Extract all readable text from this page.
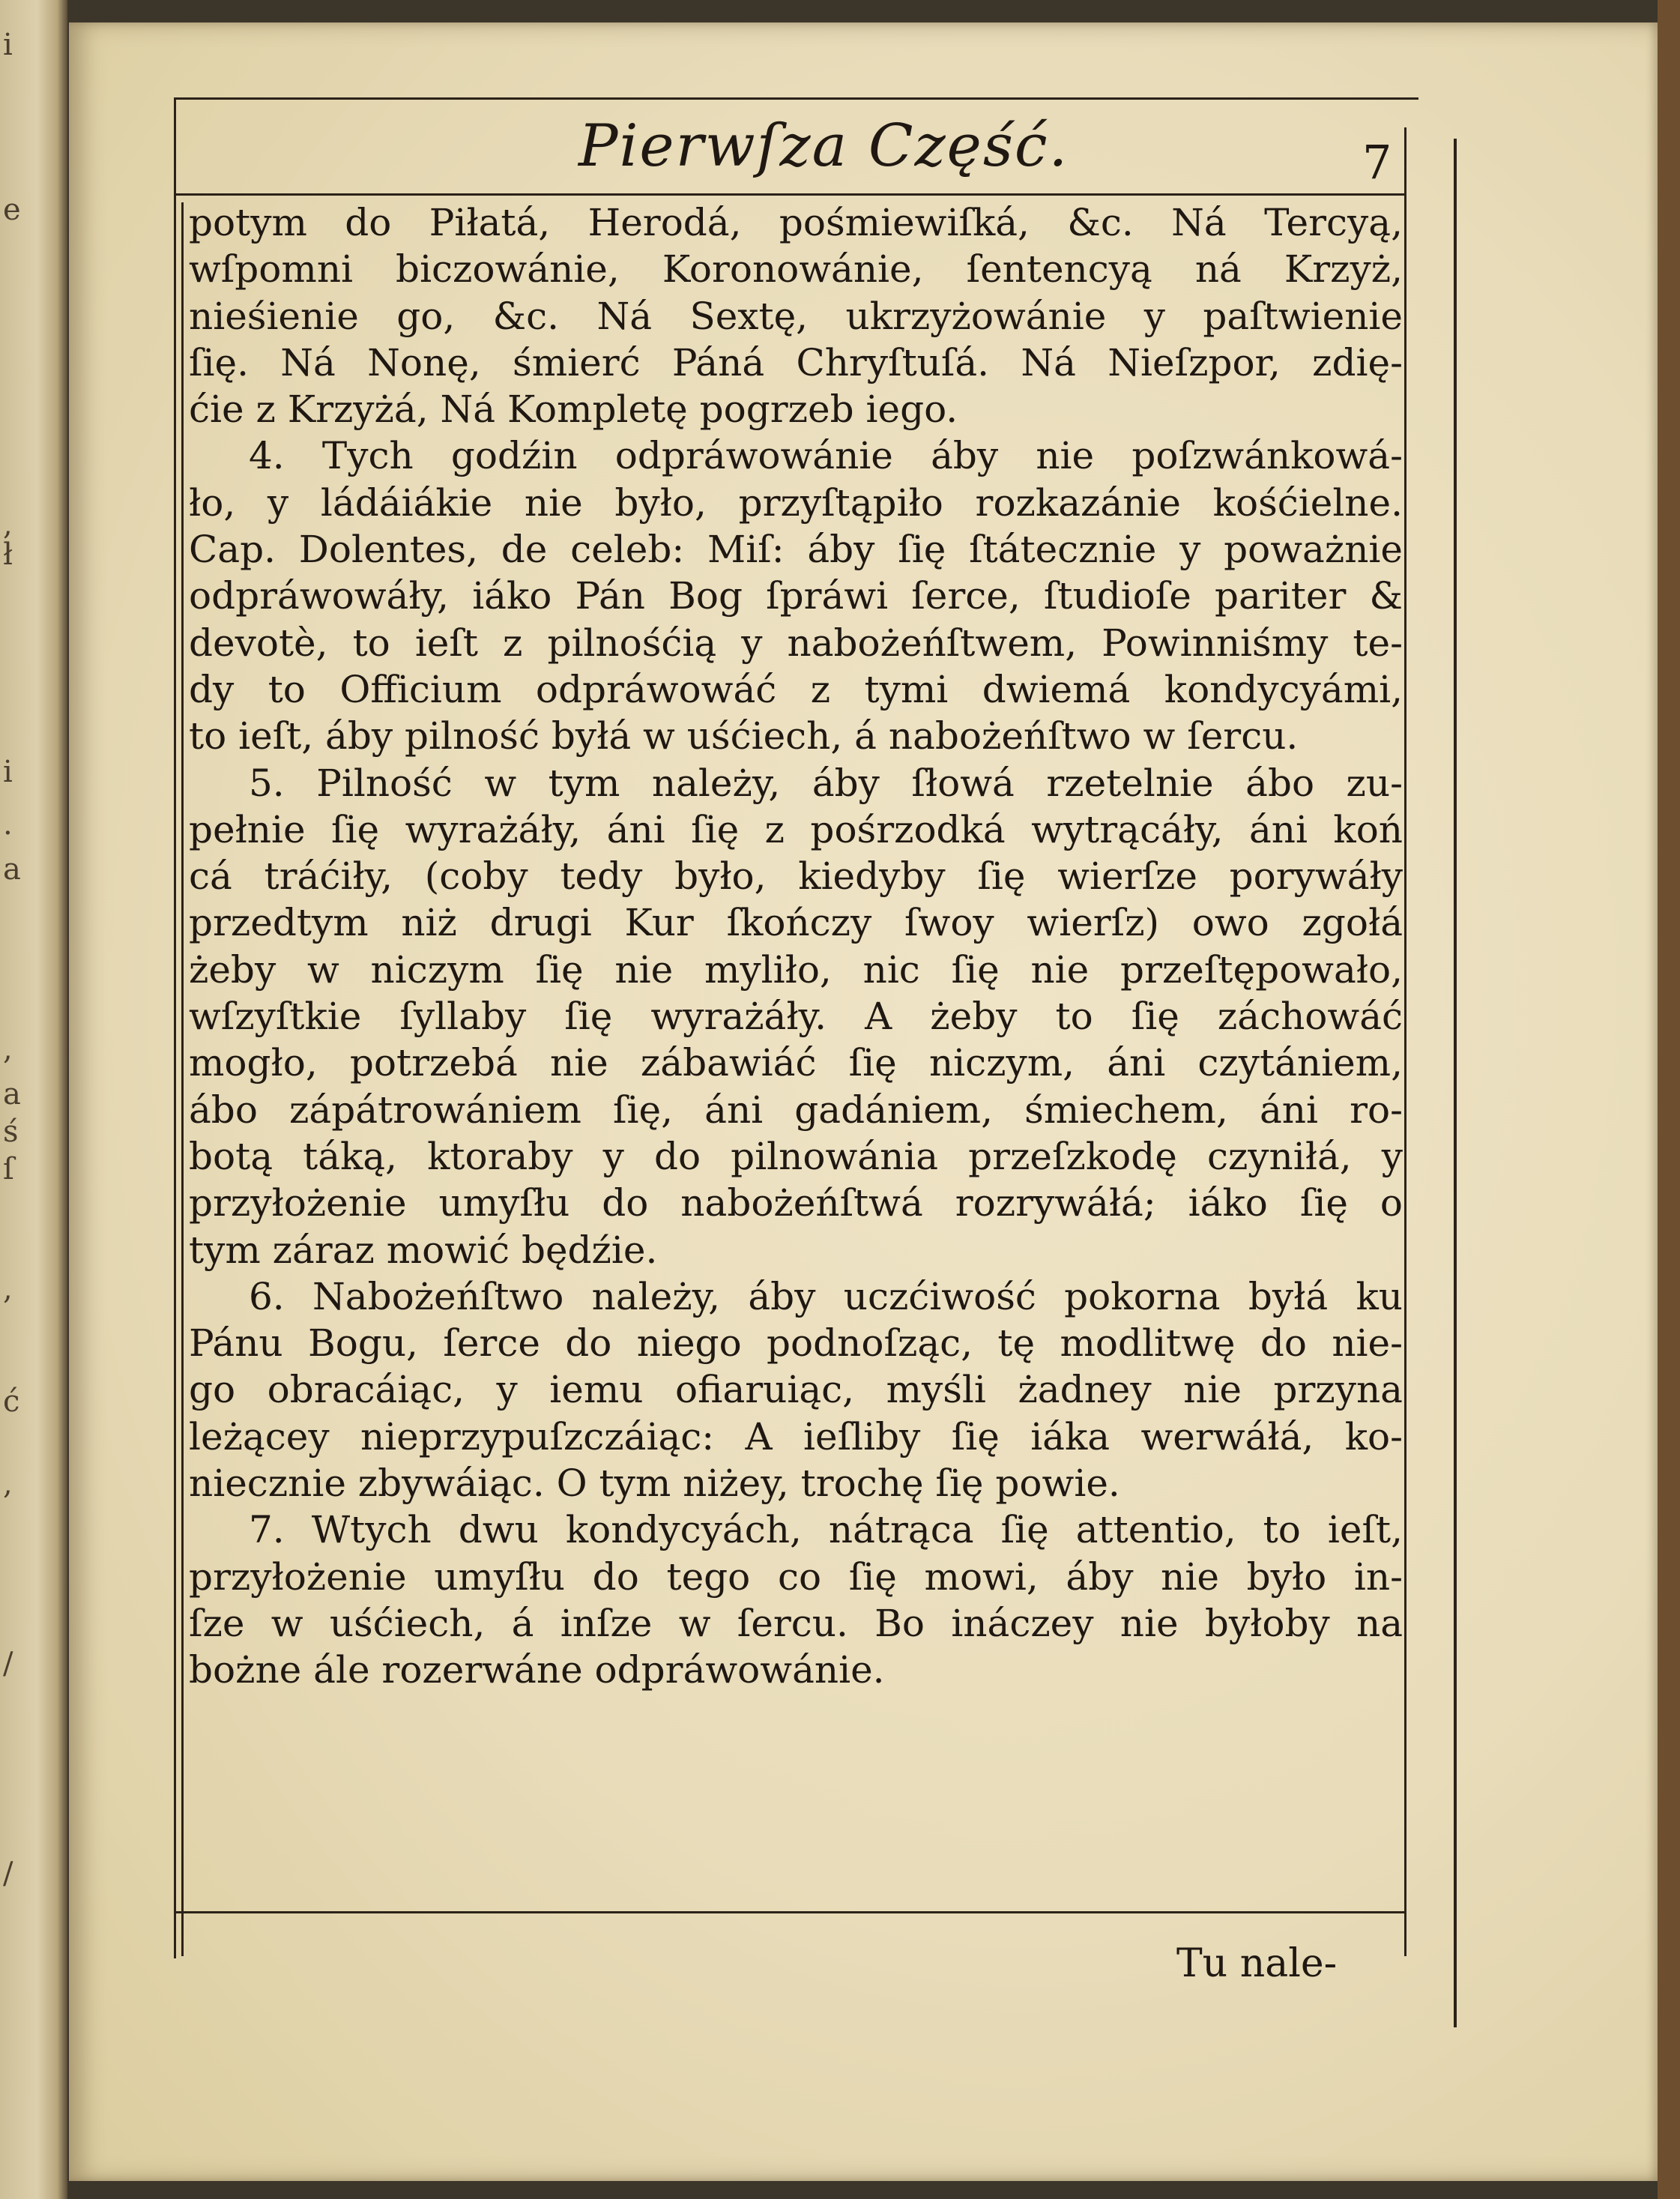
i
e
,
ł
i
.
a
,
a
ś
ſ
,
ć
,
/
/
Pierwſza Część.	7
potym do Piłatá, Herodá, pośmiewiſká, &c. Ná Tercyą,
wſpomni biczowánie, Koronowánie, ſentencyą ná Krzyż,
nieśienie go, &c. Ná Sextę, ukrzyżowánie y paſtwienie
ſię. Ná Nonę, śmierć Páná Chryſtuſá. Ná Nieſzpor, zdię-
ćie z Krzyżá, Ná Kompletę pogrzeb iego.
4. Tych godźin odpráwowánie áby nie poſzwánkowá-
ło, y ládáiákie nie było, przyſtąpiło rozkazánie kośćielne.
Cap. Dolentes, de celeb: Miſ: áby ſię ſtátecznie y poważnie
odpráwowáły, iáko Pán Bog ſpráwi ſerce, ſtudioſe pariter &
devotè, to ieſt z pilnośćią y nabożeńſtwem, Powinniśmy te-
dy to Officium odpráwowáć z tymi dwiemá kondycyámi,
to ieſt, áby pilność byłá w uśćiech, á nabożeńſtwo w ſercu.
5. Pilność w tym należy, áby ſłowá rzetelnie ábo zu-
pełnie ſię wyrażáły, áni ſię z pośrzodká wytrącáły, áni koń
cá tráćiły, (coby tedy było, kiedyby ſię wierſze porywáły
przedtym niż drugi Kur ſkończy ſwoy wierſz) owo zgołá
żeby w niczym ſię nie myliło, nic ſię nie przeſtępowało,
wſzyſtkie ſyllaby ſię wyrażáły. A żeby to ſię záchowáć
mogło, potrzebá nie zábawiáć ſię niczym, áni czytániem,
ábo zápátrowániem ſię, áni gadániem, śmiechem, áni ro-
botą táką, ktoraby y do pilnowánia przeſzkodę czyniłá, y
przyłożenie umyſłu do nabożeńſtwá rozrywáłá; iáko ſię o
tym záraz mowić będźie.
6. Nabożeńſtwo należy, áby uczćiwość pokorna byłá ku
Pánu Bogu, ſerce do niego podnoſząc, tę modlitwę do nie-
go obracáiąc, y iemu ofiaruiąc, myśli żadney nie przyna
leżącey nieprzypuſzczáiąc: A ieſliby ſię iáka werwáłá, ko-
niecznie zbywáiąc. O tym niżey, trochę ſię powie.
7. Wtych dwu kondycyách, nátrąca ſię attentio, to ieſt,
przyłożenie umyſłu do tego co ſię mowi, áby nie było in-
ſze w uśćiech, á inſze w ſercu. Bo ináczey nie byłoby na
bożne ále rozerwáne odpráwowánie.
Tu nale-
